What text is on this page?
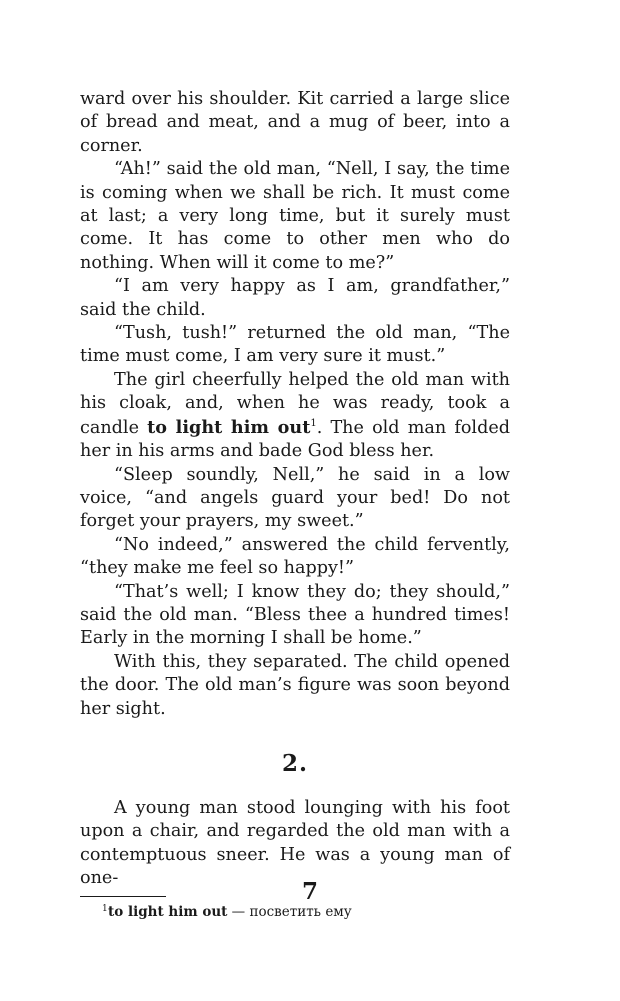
ward over his shoulder. Kit carried a large slice of bread and meat, and a mug of beer, into a corner.

“Ah!” said the old man, “Nell, I say, the time is coming when we shall be rich. It must come at last; a very long time, but it surely must come. It has come to other men who do nothing. When will it come to me?”

“I am very happy as I am, grandfather,” said the child.

“Tush, tush!” returned the old man, “The time must come, I am very sure it must.”

The girl cheerfully helped the old man with his cloak, and, when he was ready, took a candle to light him out$^1$. The old man folded her in his arms and bade God bless her.

“Sleep soundly, Nell,” he said in a low voice, “and angels guard your bed! Do not forget your prayers, my sweet.”

“No indeed,” answered the child fervently, “they make me feel so happy!”

“That’s well; I know they do; they should,” said the old man. “Bless thee a hundred times! Early in the morning I shall be home.”

With this, they separated. The child opened the door. The old man’s figure was soon beyond her sight.

2.

A young man stood lounging with his foot upon a chair, and regarded the old man with a contemptuous sneer. He was a young man of one-

1 to light him out — посветить ему

7
